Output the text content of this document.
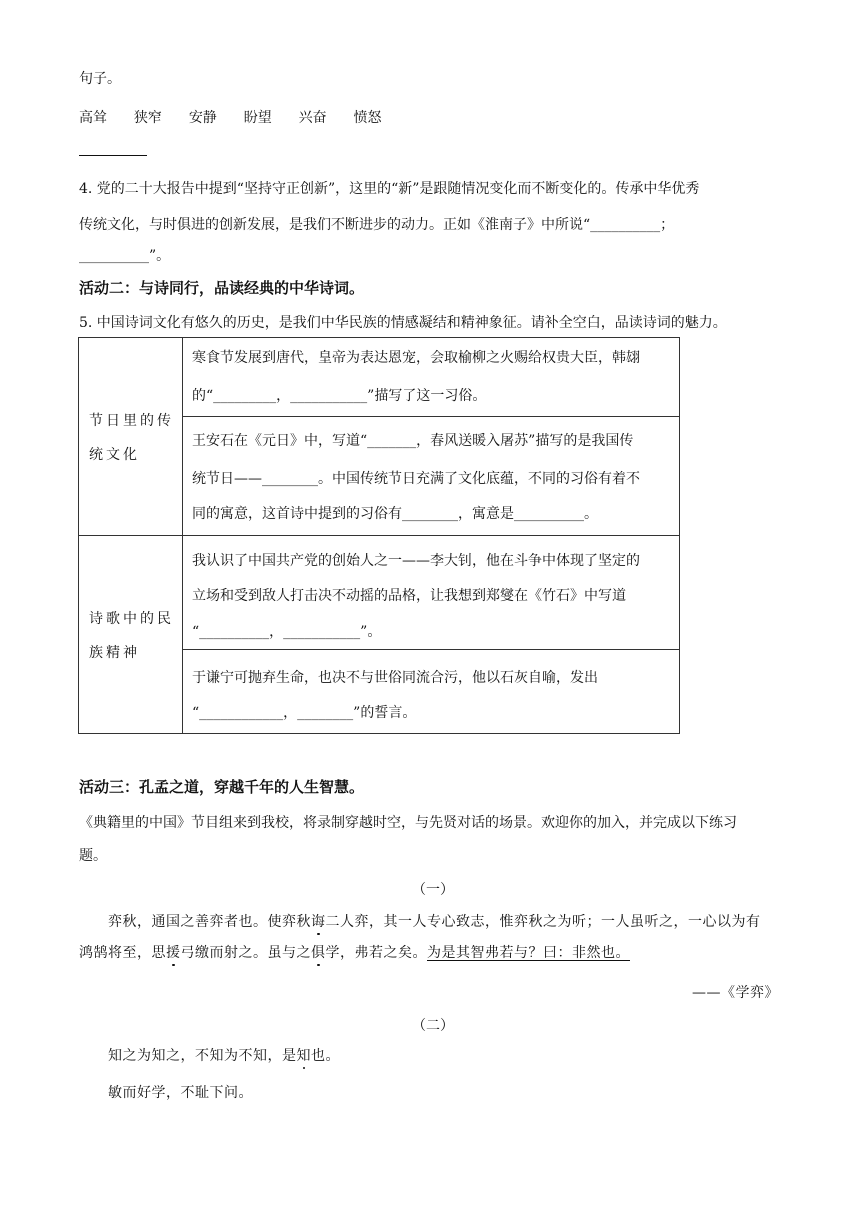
句子。
高耸 狭窄 安静 盼望 兴奋 愤怒
4. 党的二十大报告中提到“坚持守正创新”，这里的“新”是跟随情况变化而不断变化的。传承中华优秀
传统文化，与时俱进的创新发展，是我们不断进步的动力。正如《淮南子》中所说“__________；
__________”。
活动二：与诗同行，品读经典的中华诗词。
5. 中国诗词文化有悠久的历史，是我们中华民族的情感凝结和精神象征。请补全空白，品读诗词的魅力。
节日里的传
统文化
诗歌中的民
族精神
寒食节发展到唐代，皇帝为表达恩宠，会取榆柳之火赐给权贵大臣，韩翃
的“_________，___________”描写了这一习俗。
王安石在《元日》中，写道“_______，春风送暖入屠苏”描写的是我国传
统节日——________。中国传统节日充满了文化底蕴，不同的习俗有着不
同的寓意，这首诗中提到的习俗有________，寓意是__________。
我认识了中国共产党的创始人之一——李大钊，他在斗争中体现了坚定的
立场和受到敌人打击决不动摇的品格，让我想到郑燮在《竹石》中写道
“__________，___________”。
于谦宁可抛弃生命，也决不与世俗同流合污，他以石灰自喻，发出
“____________，________”的誓言。
活动三：孔孟之道，穿越千年的人生智慧。
《典籍里的中国》节目组来到我校，将录制穿越时空，与先贤对话的场景。欢迎你的加入，并完成以下练习
题。
（一）
弈秋，通国之善弈者也。使弈秋诲二人弈，其一人专心致志，惟弈秋之为听；一人虽听之，一心以为有
鸿鹄将至，思援弓缴而射之。虽与之俱学，弗若之矣。为是其智弗若与？曰：非然也。
——《学弈》
（二）
知之为知之，不知为不知，是知也。
敏而好学，不耻下问。
